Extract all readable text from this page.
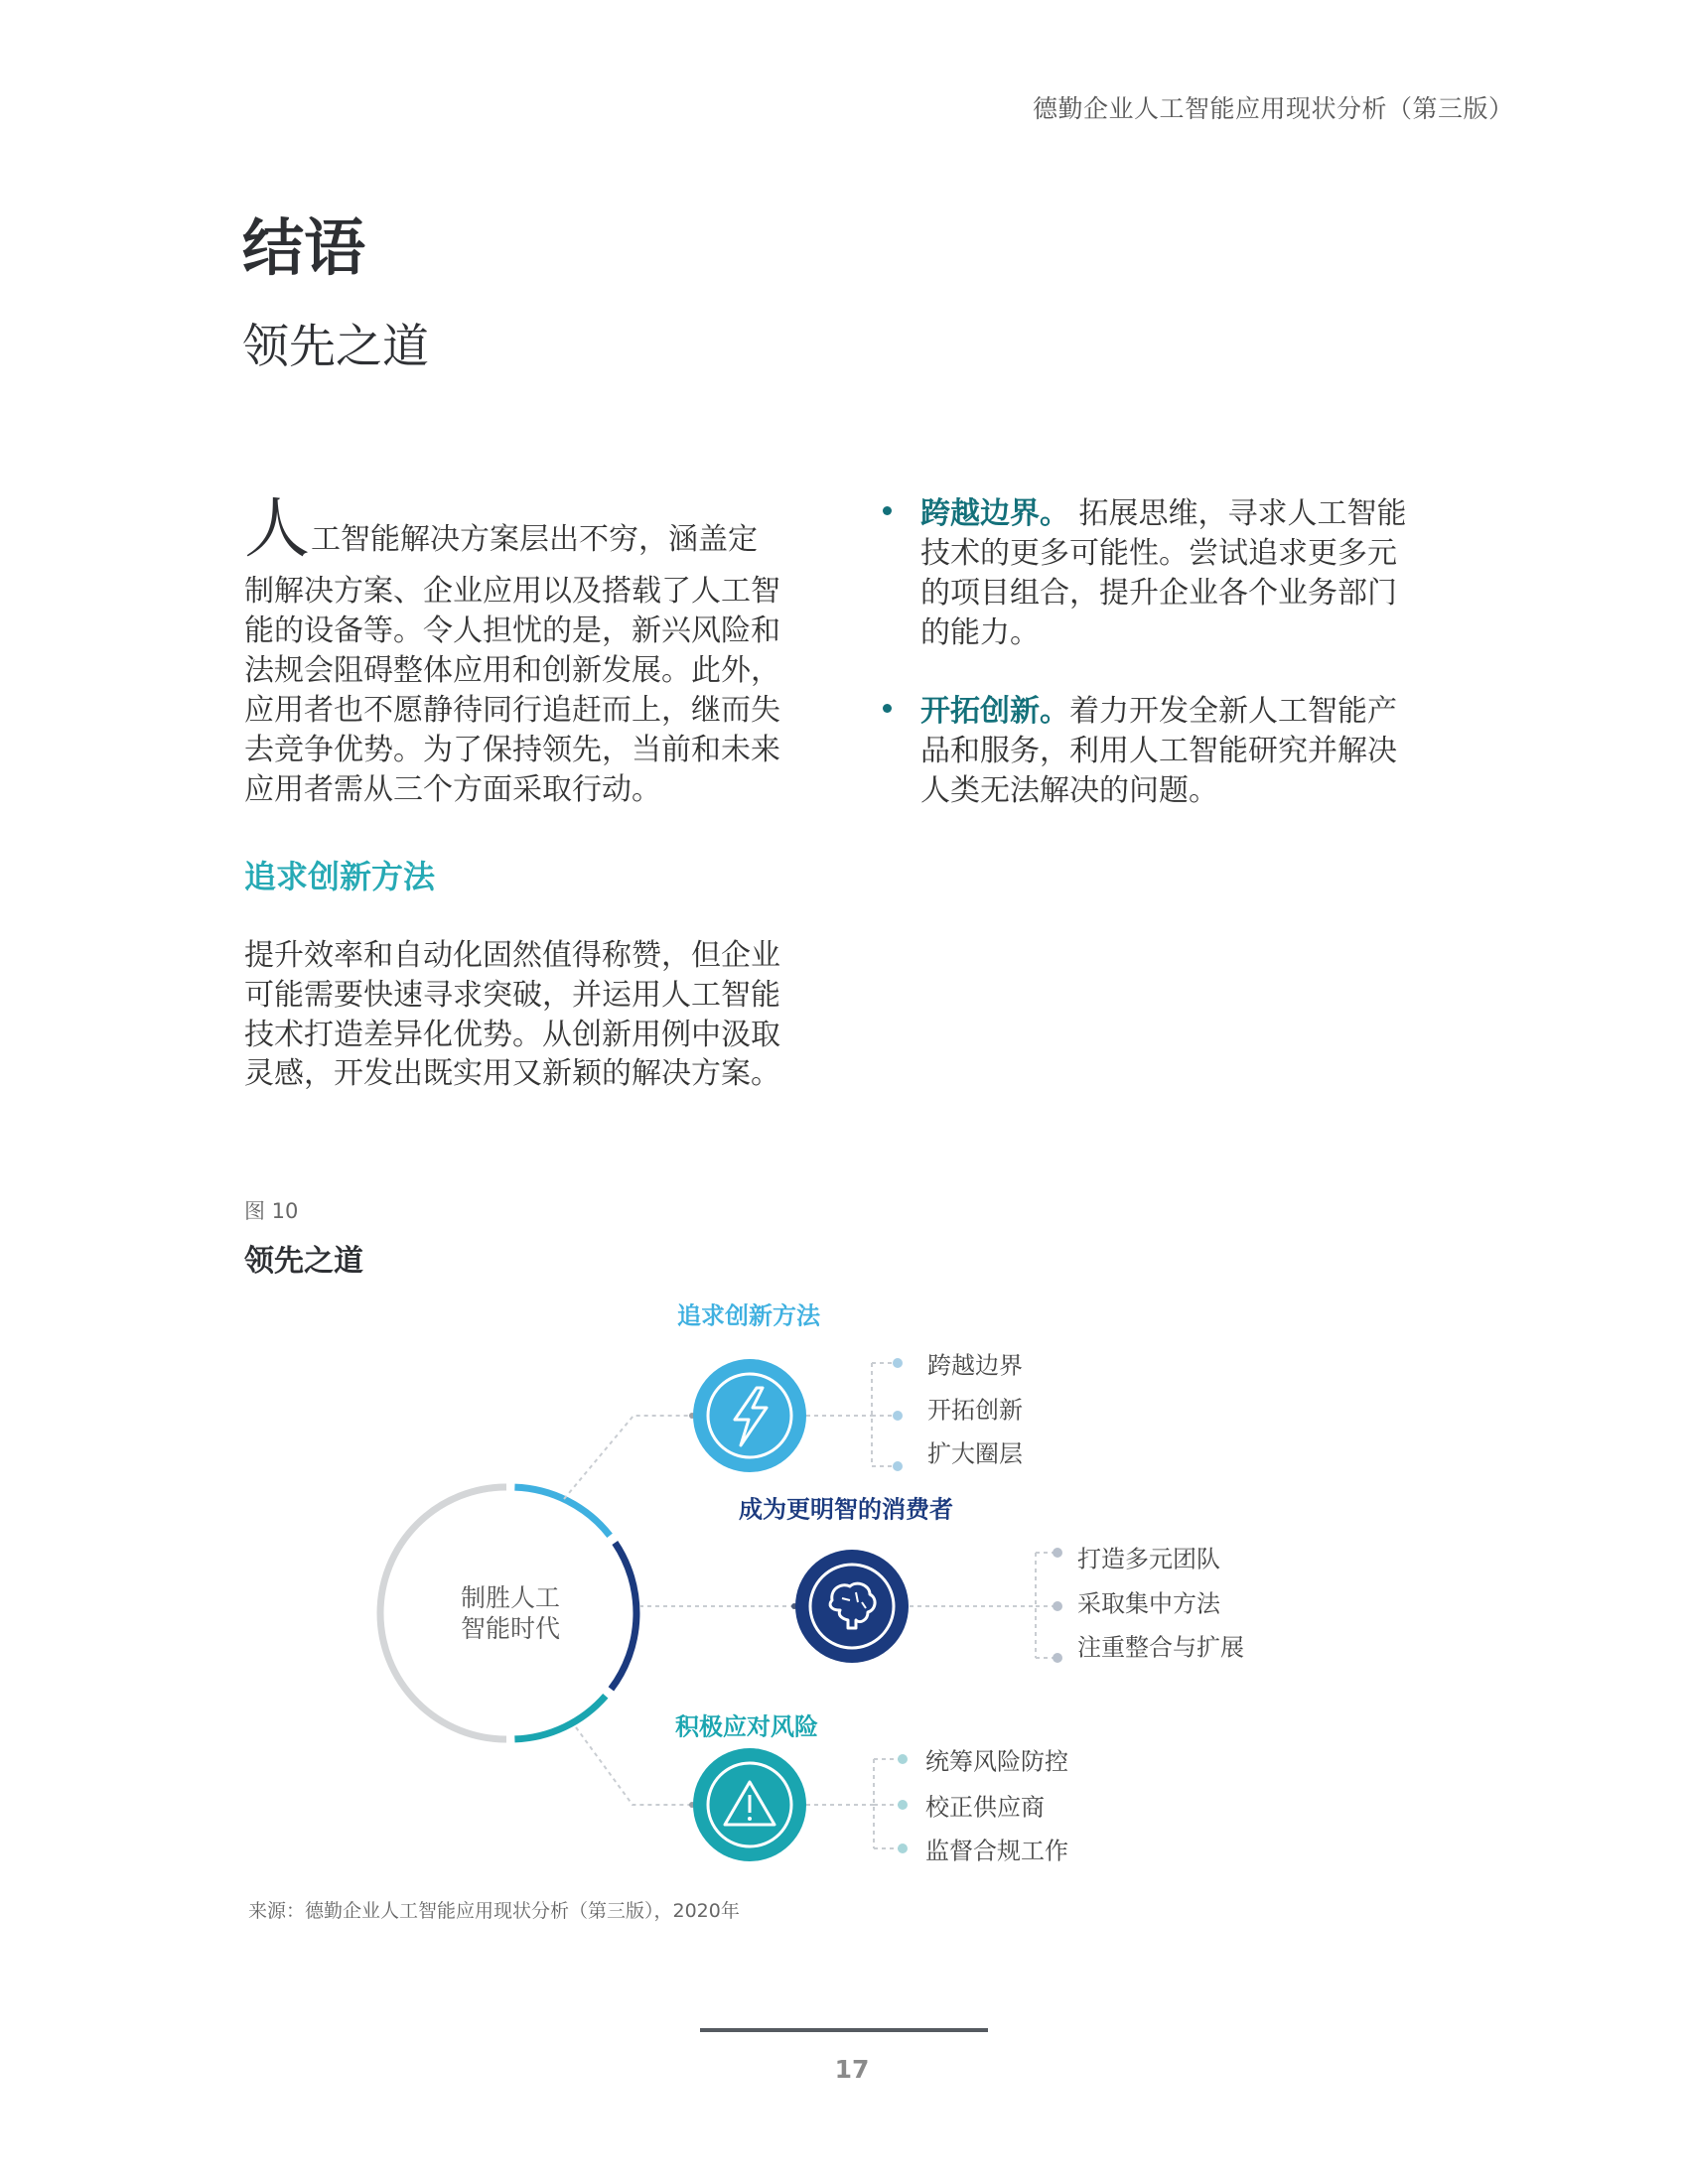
德勤企业人工智能应用现状分析（第三版）
结语
领先之道
人 工智能解决方案层出不穷，涵盖定
制解决方案、企业应用以及搭载了人工智
能的设备等。令人担忧的是，新兴风险和
法规会阻碍整体应用和创新发展。此外，
应用者也不愿静待同行追赶而上，继而失
去竞争优势。为了保持领先，当前和未来
应用者需从三个方面采取行动。
追求创新方法
提升效率和自动化固然值得称赞，但企业
可能需要快速寻求突破，并运用人工智能
技术打造差异化优势。从创新用例中汲取
灵感，开发出既实用又新颖的解决方案。
跨越边界。 拓展思维，寻求人工智能
技术的更多可能性。尝试追求更多元
的项目组合，提升企业各个业务部门
的能力。
开拓创新。着力开发全新人工智能产
品和服务，利用人工智能研究并解决
人类无法解决的问题。
图 10
领先之道
制胜人工
智能时代
追求创新方法
跨越边界
开拓创新
扩大圈层
成为更明智的消费者
打造多元团队
采取集中方法
注重整合与扩展
积极应对风险
统筹风险防控
校正供应商
监督合规工作
来源：德勤企业人工智能应用现状分析（第三版），2020年
17
